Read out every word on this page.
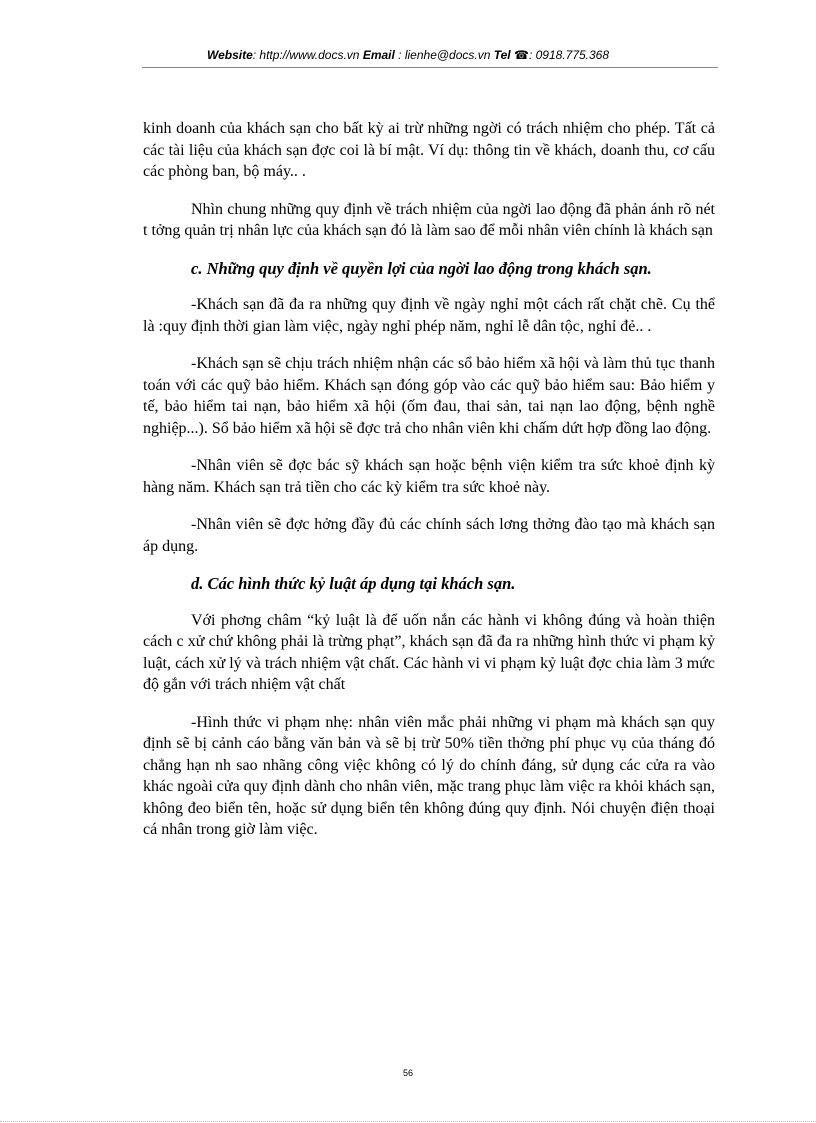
Website: http://www.docs.vn Email : lienhe@docs.vn Tel ☎: 0918.775.368

kinh doanh của khách sạn cho bất kỳ ai trừ những ngời có trách nhiệm cho phép. Tất cả các tài liệu của khách sạn đợc coi là bí mật. Ví dụ: thông tin về khách, doanh thu, cơ cấu các phòng ban, bộ máy.. .

Nhìn chung những quy định về trách nhiệm của ngời lao động đã phản ánh rõ nét t tởng quản trị nhân lực của khách sạn đó là làm sao để mỗi nhân viên chính là khách sạn

c. Những quy định về quyền lợi của ngời lao động trong khách sạn.

-Khách sạn đã đa ra những quy định về ngày nghỉ một cách rất chặt chẽ. Cụ thể là :quy định thời gian làm việc, ngày nghỉ phép năm, nghỉ lễ dân tộc, nghỉ đẻ.. .

-Khách sạn sẽ chịu trách nhiệm nhận các sổ bảo hiểm xã hội và làm thủ tục thanh toán với các quỹ bảo hiểm. Khách sạn đóng góp vào các quỹ bảo hiểm sau: Bảo hiểm y tế, bảo hiểm tai nạn, bảo hiểm xã hội (ốm đau, thai sản, tai nạn lao động, bệnh nghề nghiệp...). Sổ bảo hiểm xã hội sẽ đợc trả cho nhân viên khi chấm dứt hợp đồng lao động.

-Nhân viên sẽ đợc bác sỹ khách sạn hoặc bệnh viện kiểm tra sức khoẻ định kỳ hàng năm. Khách sạn trả tiền cho các kỳ kiểm tra sức khoẻ này.

-Nhân viên sẽ đợc hởng đầy đủ các chính sách lơng thởng đào tạo mà khách sạn áp dụng.

d. Các hình thức kỷ luật áp dụng tại khách sạn.

Với phơng châm “kỷ luật là để uốn nắn các hành vi không đúng và hoàn thiện cách c xử chứ không phải là trừng phạt”, khách sạn đã đa ra những hình thức vi phạm kỷ luật, cách xử lý và trách nhiệm vật chất. Các hành vi vi phạm kỷ luật đợc chia làm 3 mức độ gắn với trách nhiệm vật chất

-Hình thức vi phạm nhẹ: nhân viên mắc phải những vi phạm mà khách sạn quy định sẽ bị cảnh cáo bằng văn bản và sẽ bị trừ 50% tiền thởng phí phục vụ của tháng đó chẳng hạn nh sao nhãng công việc không có lý do chính đáng, sử dụng các cửa ra vào khác ngoài cửa quy định dành cho nhân viên, mặc trang phục làm việc ra khỏi khách sạn, không đeo biển tên, hoặc sử dụng biển tên không đúng quy định. Nói chuyện điện thoại cá nhân trong giờ làm việc.

56
